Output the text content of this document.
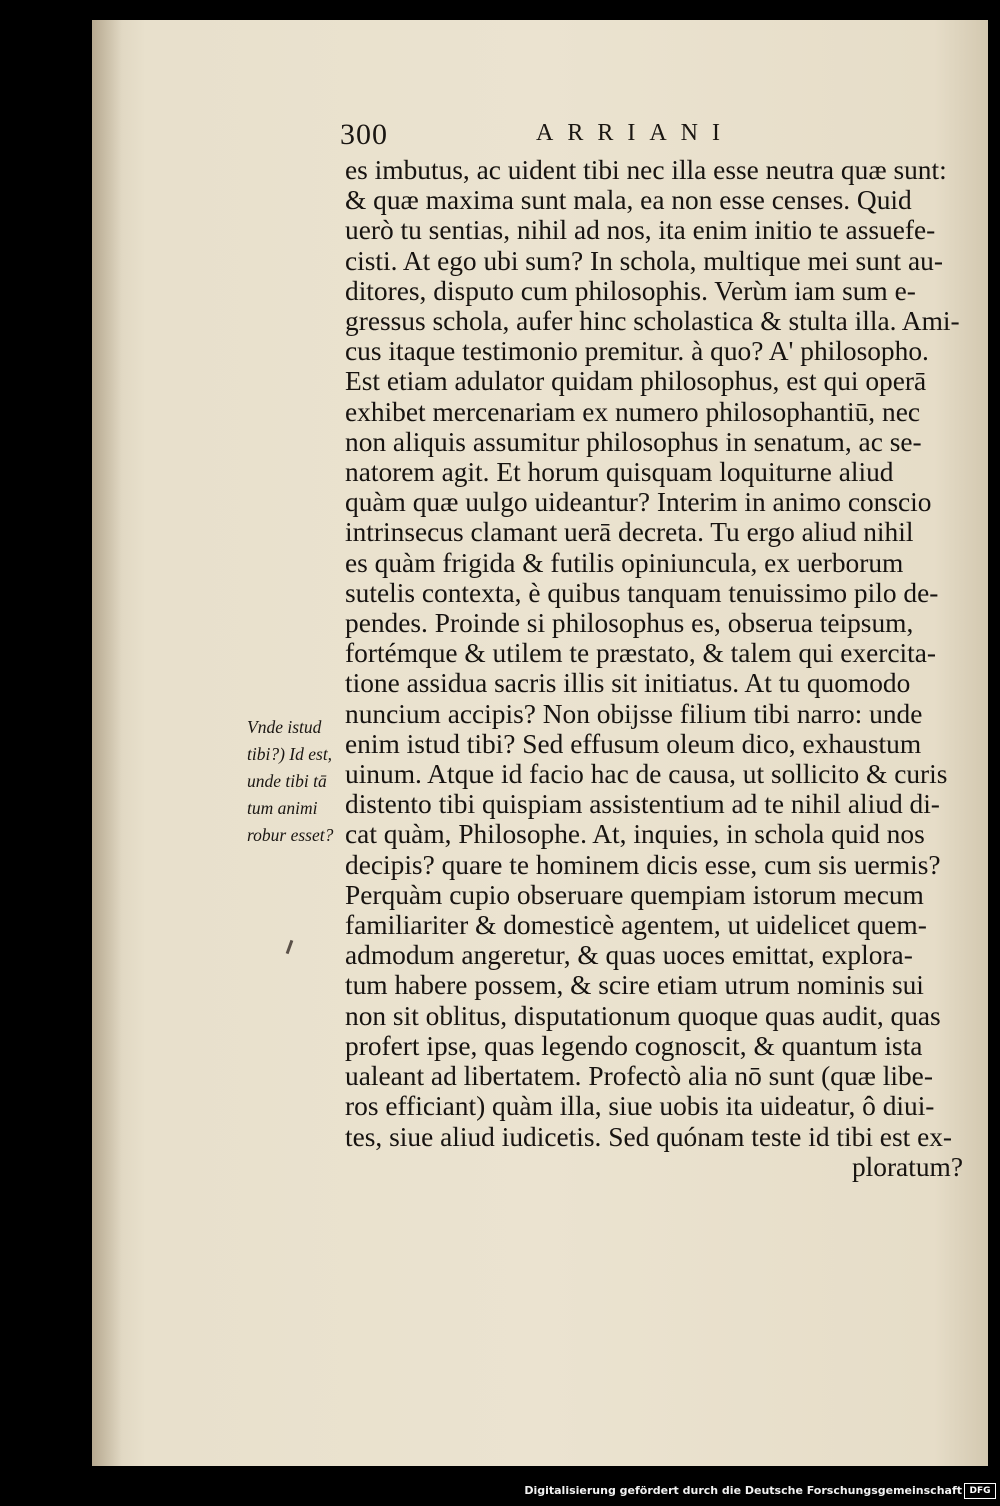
300	ARRIANI
es imbutus, ac uident tibi nec illa esse neutra quæ sunt:
& quæ maxima sunt mala, ea non esse censes. Quid
uerò tu sentias, nihil ad nos, ita enim initio te assuefe-
cisti. At ego ubi sum? In schola, multique mei sunt au-
ditores, disputo cum philosophis. Verùm iam sum e-
gressus schola, aufer hinc scholastica & stulta illa. Ami-
cus itaque testimonio premitur. à quo? A' philosopho.
Est etiam adulator quidam philosophus, est qui operā
exhibet mercenariam ex numero philosophantiū, nec
non aliquis assumitur philosophus in senatum, ac se-
natorem agit. Et horum quisquam loquiturne aliud
quàm quæ uulgo uideantur? Interim in animo conscio
intrinsecus clamant uerā decreta. Tu ergo aliud nihil
es quàm frigida & futilis opiniuncula, ex uerborum
sutelis contexta, è quibus tanquam tenuissimo pilo de-
pendes. Proinde si philosophus es, obserua teipsum,
fortémque & utilem te præstato, & talem qui exercita-
tione assidua sacris illis sit initiatus. At tu quomodo
nuncium accipis? Non obijsse filium tibi narro: unde
enim istud tibi? Sed effusum oleum dico, exhaustum
uinum. Atque id facio hac de causa, ut sollicito & curis
distento tibi quispiam assistentium ad te nihil aliud di-
cat quàm, Philosophe. At, inquies, in schola quid nos
decipis? quare te hominem dicis esse, cum sis uermis?
Perquàm cupio obseruare quempiam istorum mecum
familiariter & domesticè agentem, ut uidelicet quem-
admodum angeretur, & quas uoces emittat, explora-
tum habere possem, & scire etiam utrum nominis sui
non sit oblitus, disputationum quoque quas audit, quas
profert ipse, quas legendo cognoscit, & quantum ista
ualeant ad libertatem. Profectò alia nō sunt (quæ libe-
ros efficiant) quàm illa, siue uobis ita uideatur, ô diui-
tes, siue aliud iudicetis. Sed quónam teste id tibi est ex-
ploratum?
Vnde istud
tibi?) Id est,
unde tibi tā
tum animi
robur esset?
Digitalisierung gefördert durch die Deutsche Forschungsgemeinschaft DFG
